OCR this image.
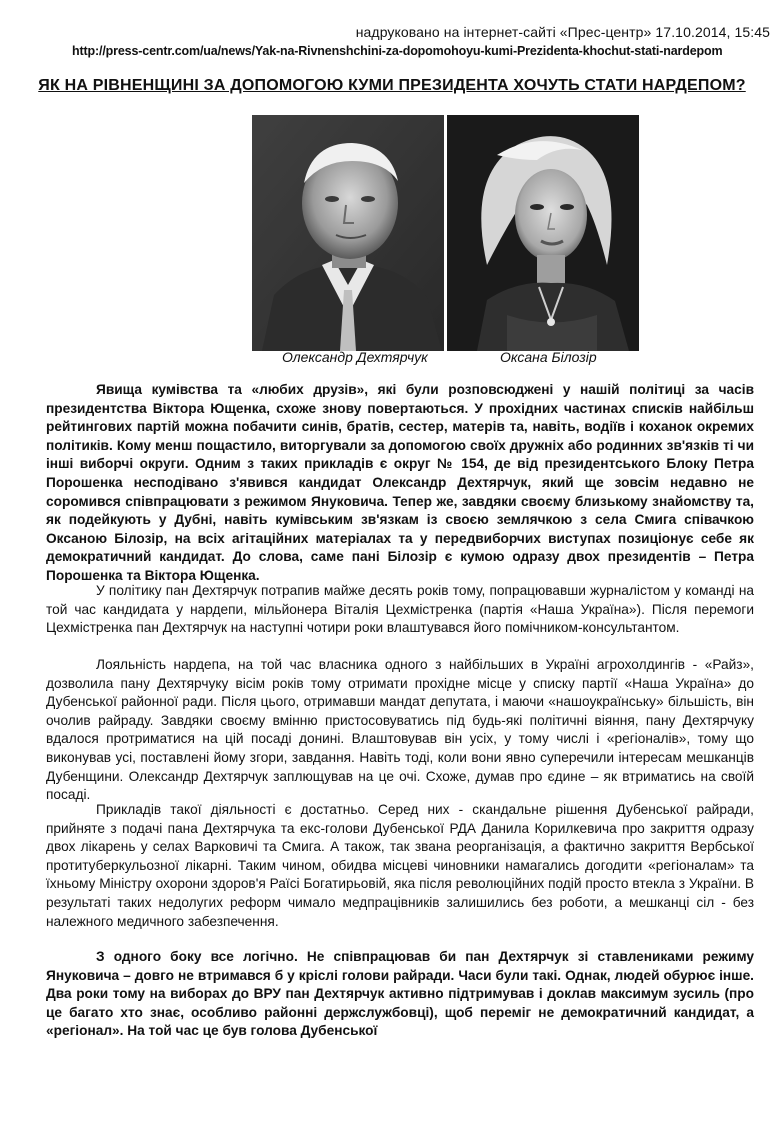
надруковано на інтернет-сайті «Прес-центр» 17.10.2014, 15:45
http://press-centr.com/ua/news/Yak-na-Rivnenshchini-za-dopomohoyu-kumi-Prezidenta-khochut-stati-nardepom
ЯК НА РІВНЕНЩИНІ ЗА ДОПОМОГОЮ КУМИ ПРЕЗИДЕНТА ХОЧУТЬ СТАТИ НАРДЕПОМ?
Олександр Дехтярчук	Оксана Білозір

Явища кумівства та «любих друзів», які були розповсюджені у нашій політиці за часів президентства Віктора Ющенка, схоже знову повертаються. У прохідних частинах списків найбільш рейтингових партій можна побачити синів, братів, сестер, матерів та, навіть, водіїв і коханок окремих політиків. Кому менш пощастило, виторгували за допомогою своїх дружніх або родинних зв'язків ті чи інші виборчі округи. Одним з таких прикладів є округ № 154, де від президентського Блоку Петра Порошенка несподівано з'явився кандидат Олександр Дехтярчук, який ще зовсім недавно не соромився співпрацювати з режимом Януковича. Тепер же, завдяки своєму близькому знайомству та, як подейкують у Дубні, навіть кумівським зв'язкам із своєю землячкою з села Смига співачкою Оксаною Білозір, на всіх агітаційних матеріалах та у передвиборчих виступах позиціонує себе як демократичний кандидат. До слова, саме пані Білозір є кумою одразу двох президентів – Петра Порошенка та Віктора Ющенка.

У політику пан Дехтярчук потрапив майже десять років тому, попрацювавши журналістом у команді на той час кандидата у нардепи, мільйонера Віталія Цехмістренка (партія «Наша Україна»). Після перемоги Цехмістренка пан Дехтярчук на наступні чотири роки влаштувався його помічником-консультантом.

Лояльність нардепа, на той час власника одного з найбільших в Україні агрохолдингів - «Райз», дозволила пану Дехтярчуку вісім років тому отримати прохідне місце у списку партії «Наша Україна» до Дубенської районної ради. Після цього, отримавши мандат депутата, і маючи «нашоукраїнську» більшість, він очолив райраду. Завдяки своєму вмінню пристосовуватись під будь-які політичні віяння, пану Дехтярчуку вдалося протриматися на цій посаді донині. Влаштовував він усіх, у тому числі і «регіоналів», тому що виконував усі, поставлені йому згори, завдання. Навіть тоді, коли вони явно суперечили інтересам мешканців Дубенщини. Олександр Дехтярчук заплющував на це очі. Схоже, думав про єдине – як втриматись на своїй посаді.

Прикладів такої діяльності є достатньо. Серед них - скандальне рішення Дубенської райради, прийняте з подачі пана Дехтярчука та екс-голови Дубенської РДА Данила Корилкевича про закриття одразу двох лікарень у селах Варковичі та Смига. А також, так звана реорганізація, а фактично закриття Вербської протитуберкульозної лікарні. Таким чином, обидва місцеві чиновники намагались догодити «регіоналам» та їхньому Міністру охорони здоров'я Раїсі Богатирьовій, яка після революційних подій просто втекла з України. В результаті таких недолугих реформ чимало медпрацівників залишились без роботи, а мешканці сіл - без належного медичного забезпечення.

З одного боку все логічно. Не співпрацював би пан Дехтярчук зі ставлениками режиму Януковича – довго не втримався б у кріслі голови райради. Часи були такі. Однак, людей обурює інше. Два роки тому на виборах до ВРУ пан Дехтярчук активно підтримував і доклав максимум зусиль (про це багато хто знає, особливо районні держслужбовці), щоб переміг не демократичний кандидат, а «регіонал». На той час це був голова Дубенської
